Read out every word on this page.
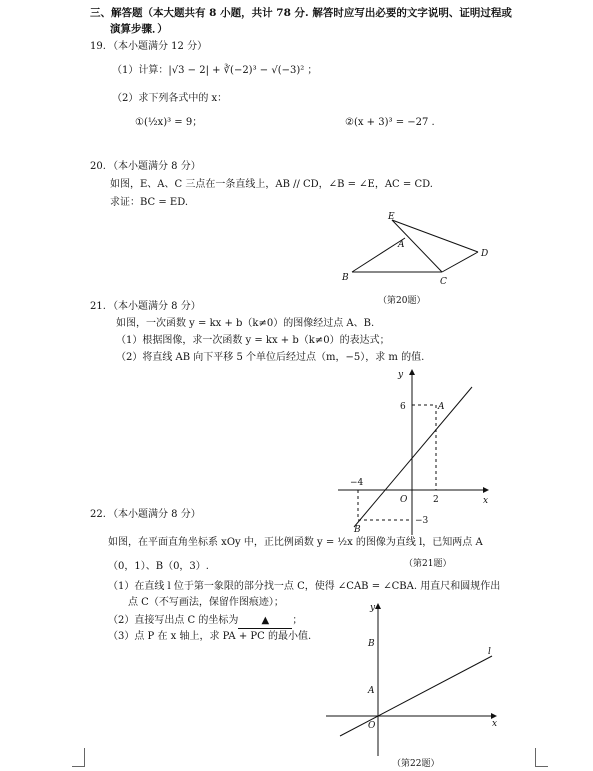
三、解答题（本大题共有 8 小题，共计 78 分. 解答时应写出必要的文字说明、证明过程或
演算步骤．）
19. （本小题满分 12 分）
（1）计算：|√3 − 2| + ∛(−2)³ − √(−3)² ；
（2）求下列各式中的 x：
①(½x)³ = 9；	②(x + 3)³ = −27 .
20. （本小题满分 8 分）
如图，E、A、C 三点在一条直线上，AB // CD，∠B = ∠E，AC = CD.
求证：BC = ED.
E
A
B	C
D
（第20题）
21. （本小题满分 8 分）
如图，一次函数 y = kx + b（k≠0）的图像经过点 A、B.
（1）根据图像，求一次函数 y = kx + b（k≠0）的表达式；
（2）将直线 AB 向下平移 5 个单位后经过点（m，−5），求 m 的值.
y
x
O
6
−4
2
−3
A
B
（第21题）
22. （本小题满分 8 分）
如图，在平面直角坐标系 xOy 中，正比例函数 y = ½x 的图像为直线 l，已知两点 A
（0，1）、B（0，3）.
（1）在直线 l 位于第一象限的部分找一点 C，使得 ∠CAB = ∠CBA. 用直尺和圆规作出
点 C（不写画法，保留作图痕迹）；
（2）直接写出点 C 的坐标为 ▲ ；
（3）点 P 在 x 轴上，求 PA + PC 的最小值.
y
x
O
B
A
l
（第22题）
